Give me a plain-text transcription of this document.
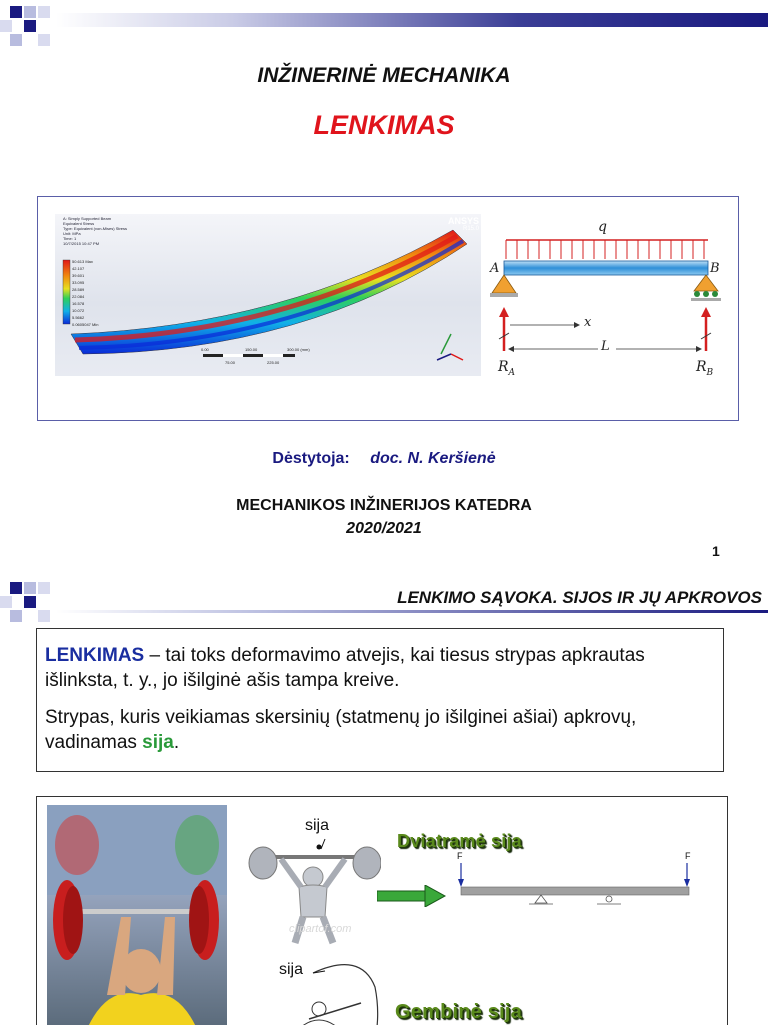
INŽINERINĖ MECHANIKA
LENKIMAS
ANSYS
R15.0
A: Simply Supported Beam
Equivalent Stress
Type: Equivalent (von-Mises) Stress
Unit: MPa
Time: 1
10/7/2015 10:47 PM
50.613 Max
42.107
39.601
33.095
28.589
22.084
16.578
10.072
5.5662
0.0605047 Min
0.00	150.00	300.00 (mm)
75.00	225.00
q
A	B
x
L
$R_A$	$R_B$
Dėstytoja: doc. N. Keršienė
MECHANIKOS INŽINERIJOS KATEDRA
2020/2021
1
LENKIMO SĄVOKA. SIJOS IR JŲ APKROVOS
LENKIMAS – tai toks deformavimo atvejis, kai tiesus strypas apkrautas išlinksta, t. y., jo išilginė ašis tampa kreive.
Strypas, kuris veikiamas skersinių (statmenų jo išilginei ašiai) apkrovų, vadinamas sija.
sija
clipartof.com
Dviatramė sija
F	F
sija
Gembinė sija
